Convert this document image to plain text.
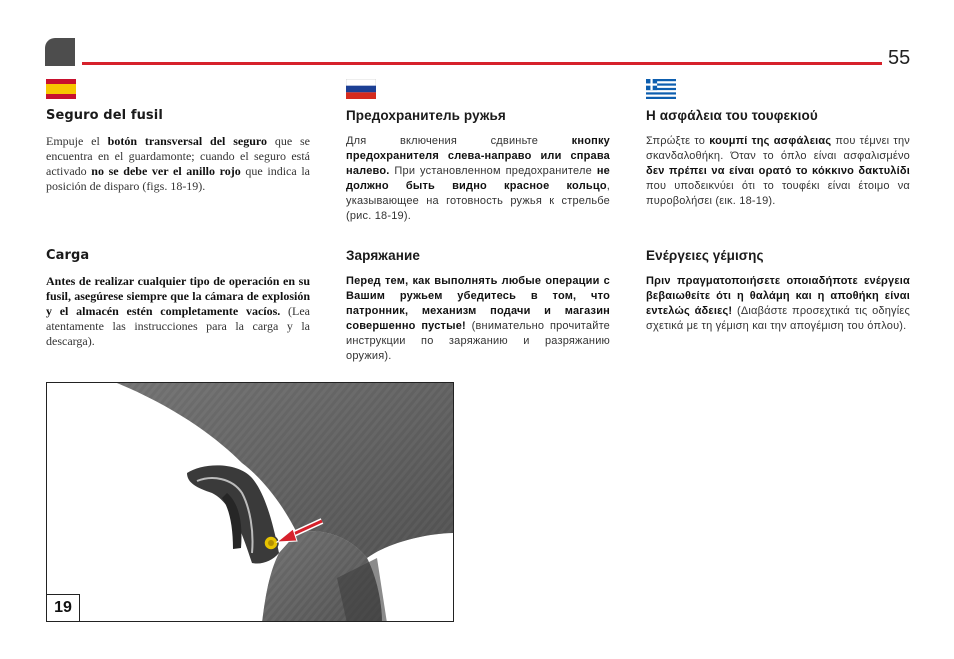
55
Seguro del fusil

Empuje el botón transversal del seguro que se encuentra en el guardamonte; cuando el seguro está activado no se debe ver el anillo rojo que indica la posición de disparo (figs. 18-19).

Carga

Antes de realizar cualquier tipo de operación en su fusil, asegúrese siempre que la cámara de explosión y el almacén estén completamente vacíos. (Lea atentamente las instrucciones para la carga y la descarga).

Предохранитель ружья

Для включения сдвиньте кнопку предохранителя слева-направо или справа налево. При установленном предохранителе не должно быть видно красное кольцо, указывающее на готовность ружья к стрельбе (рис. 18-19).

Заряжание

Перед тем, как выполнять любые операции с Вашим ружьем убедитесь в том, что патронник, механизм подачи и магазин совершенно пустые! (внимательно прочитайте инструкции по заряжанию и разряжанию оружия).

Η ασφάλεια του τουφεκιού

Σπρώξτε το κουμπί της ασφάλειας που τέμνει την σκανδαλοθήκη. Όταν το όπλο είναι ασφαλισμένο δεν πρέπει να είναι ορατό το κόκκινο δακτυλίδι που υποδεικνύει ότι το τουφέκι είναι έτοιμο να πυροβολήσει (εικ. 18-19).

Ενέργειες γέμισης

Πριν πραγματοποιήσετε οποιαδήποτε ενέργεια βεβαιωθείτε ότι η θαλάμη και η αποθήκη είναι εντελώς άδειες! (Διαβάστε προσεχτικά τις οδηγίες σχετικά με τη γέμιση και την απογέμιση του όπλου).

19
